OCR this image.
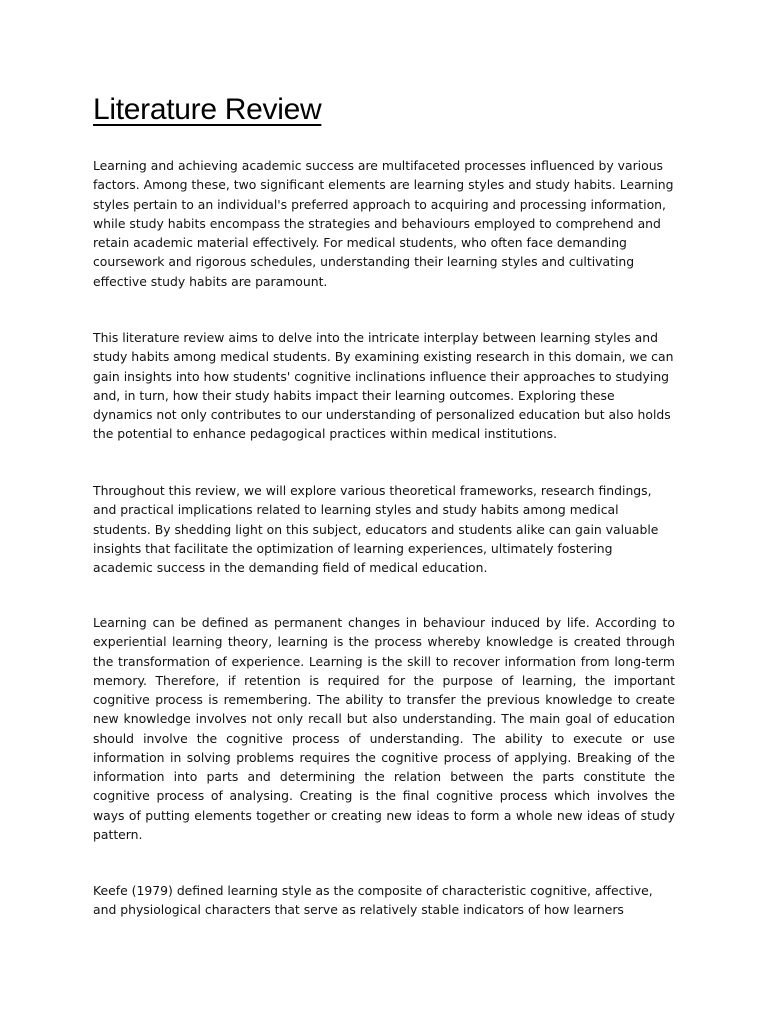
Literature Review

Learning and achieving academic success are multifaceted processes influenced by various factors. Among these, two significant elements are learning styles and study habits. Learning styles pertain to an individual's preferred approach to acquiring and processing information, while study habits encompass the strategies and behaviours employed to comprehend and retain academic material effectively. For medical students, who often face demanding coursework and rigorous schedules, understanding their learning styles and cultivating effective study habits are paramount.

This literature review aims to delve into the intricate interplay between learning styles and study habits among medical students. By examining existing research in this domain, we can gain insights into how students' cognitive inclinations influence their approaches to studying and, in turn, how their study habits impact their learning outcomes. Exploring these dynamics not only contributes to our understanding of personalized education but also holds the potential to enhance pedagogical practices within medical institutions.

Throughout this review, we will explore various theoretical frameworks, research findings, and practical implications related to learning styles and study habits among medical students. By shedding light on this subject, educators and students alike can gain valuable insights that facilitate the optimization of learning experiences, ultimately fostering academic success in the demanding field of medical education.

Learning can be defined as permanent changes in behaviour induced by life. According to experiential learning theory, learning is the process whereby knowledge is created through the transformation of experience. Learning is the skill to recover information from long-term memory. Therefore, if retention is required for the purpose of learning, the important cognitive process is remembering. The ability to transfer the previous knowledge to create new knowledge involves not only recall but also understanding. The main goal of education should involve the cognitive process of understanding. The ability to execute or use information in solving problems requires the cognitive process of applying. Breaking of the information into parts and determining the relation between the parts constitute the cognitive process of analysing. Creating is the final cognitive process which involves the ways of putting elements together or creating new ideas to form a whole new ideas of study pattern.

Keefe (1979) defined learning style as the composite of characteristic cognitive, affective, and physiological characters that serve as relatively stable indicators of how learners
